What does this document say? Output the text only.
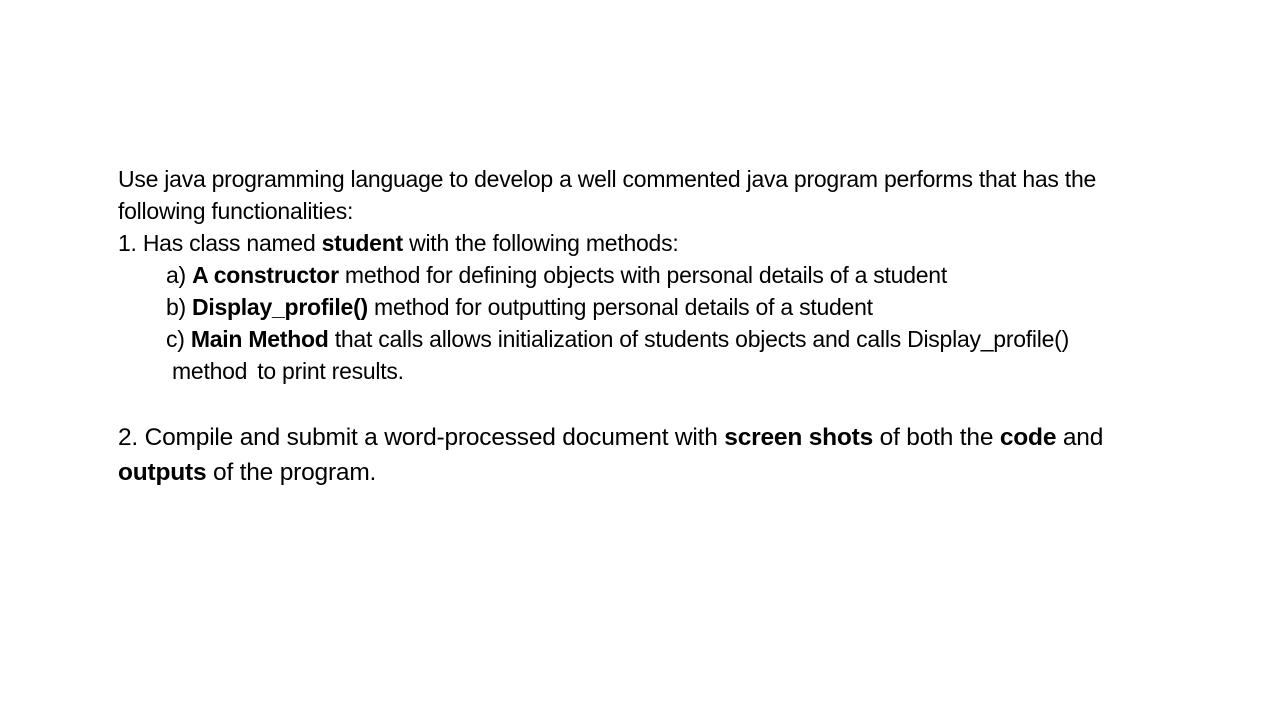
Use java programming language to develop a well commented java program performs that has the
following functionalities:
1. Has class named student with the following methods:
a) A constructor method for defining objects with personal details of a student
b) Display_profile() method for outputting personal details of a student
c) Main Method that calls allows initialization of students objects and calls Display_profile()
method to print results.
2. Compile and submit a word-processed document with screen shots of both the code and
outputs of the program.
